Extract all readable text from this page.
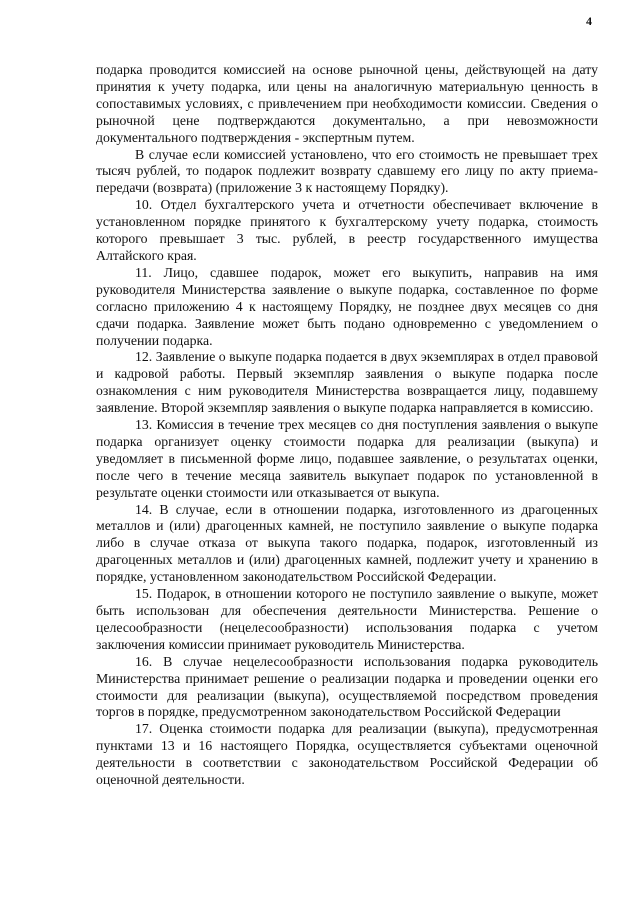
4

подарка проводится комиссией на основе рыночной цены, действующей на дату принятия к учету подарка, или цены на аналогичную материальную ценность в сопоставимых условиях, с привлечением при необходимости комиссии. Сведения о рыночной цене подтверждаются документально, а при невозможности документального подтверждения - экспертным путем.

В случае если комиссией установлено, что его стоимость не превышает трех тысяч рублей, то подарок подлежит возврату сдавшему его лицу по акту приема-передачи (возврата) (приложение 3 к настоящему Порядку).

10. Отдел бухгалтерского учета и отчетности обеспечивает включение в установленном порядке принятого к бухгалтерскому учету подарка, стоимость которого превышает 3 тыс. рублей, в реестр государственного имущества Алтайского края.

11. Лицо, сдавшее подарок, может его выкупить, направив на имя руководителя Министерства заявление о выкупе подарка, составленное по форме согласно приложению 4 к настоящему Порядку, не позднее двух месяцев со дня сдачи подарка. Заявление может быть подано одновременно с уведомлением о получении подарка.

12. Заявление о выкупе подарка подается в двух экземплярах в отдел правовой и кадровой работы. Первый экземпляр заявления о выкупе подарка после ознакомления с ним руководителя Министерства возвращается лицу, подавшему заявление. Второй экземпляр заявления о выкупе подарка направляется в комиссию.

13. Комиссия в течение трех месяцев со дня поступления заявления о выкупе подарка организует оценку стоимости подарка для реализации (выкупа) и уведомляет в письменной форме лицо, подавшее заявление, о результатах оценки, после чего в течение месяца заявитель выкупает подарок по установленной в результате оценки стоимости или отказывается от выкупа.

14. В случае, если в отношении подарка, изготовленного из драгоценных металлов и (или) драгоценных камней, не поступило заявление о выкупе подарка либо в случае отказа от выкупа такого подарка, подарок, изготовленный из драгоценных металлов и (или) драгоценных камней, подлежит учету и хранению в порядке, установленном законодательством Российской Федерации.

15. Подарок, в отношении которого не поступило заявление о выкупе, может быть использован для обеспечения деятельности Министерства. Решение о целесообразности (нецелесообразности) использования подарка с учетом заключения комиссии принимает руководитель Министерства.

16. В случае нецелесообразности использования подарка руководитель Министерства принимает решение о реализации подарка и проведении оценки его стоимости для реализации (выкупа), осуществляемой посредством проведения торгов в порядке, предусмотренном законодательством Российской Федерации

17. Оценка стоимости подарка для реализации (выкупа), предусмотренная пунктами 13 и 16 настоящего Порядка, осуществляется субъектами оценочной деятельности в соответствии с законодательством Российской Федерации об оценочной деятельности.
